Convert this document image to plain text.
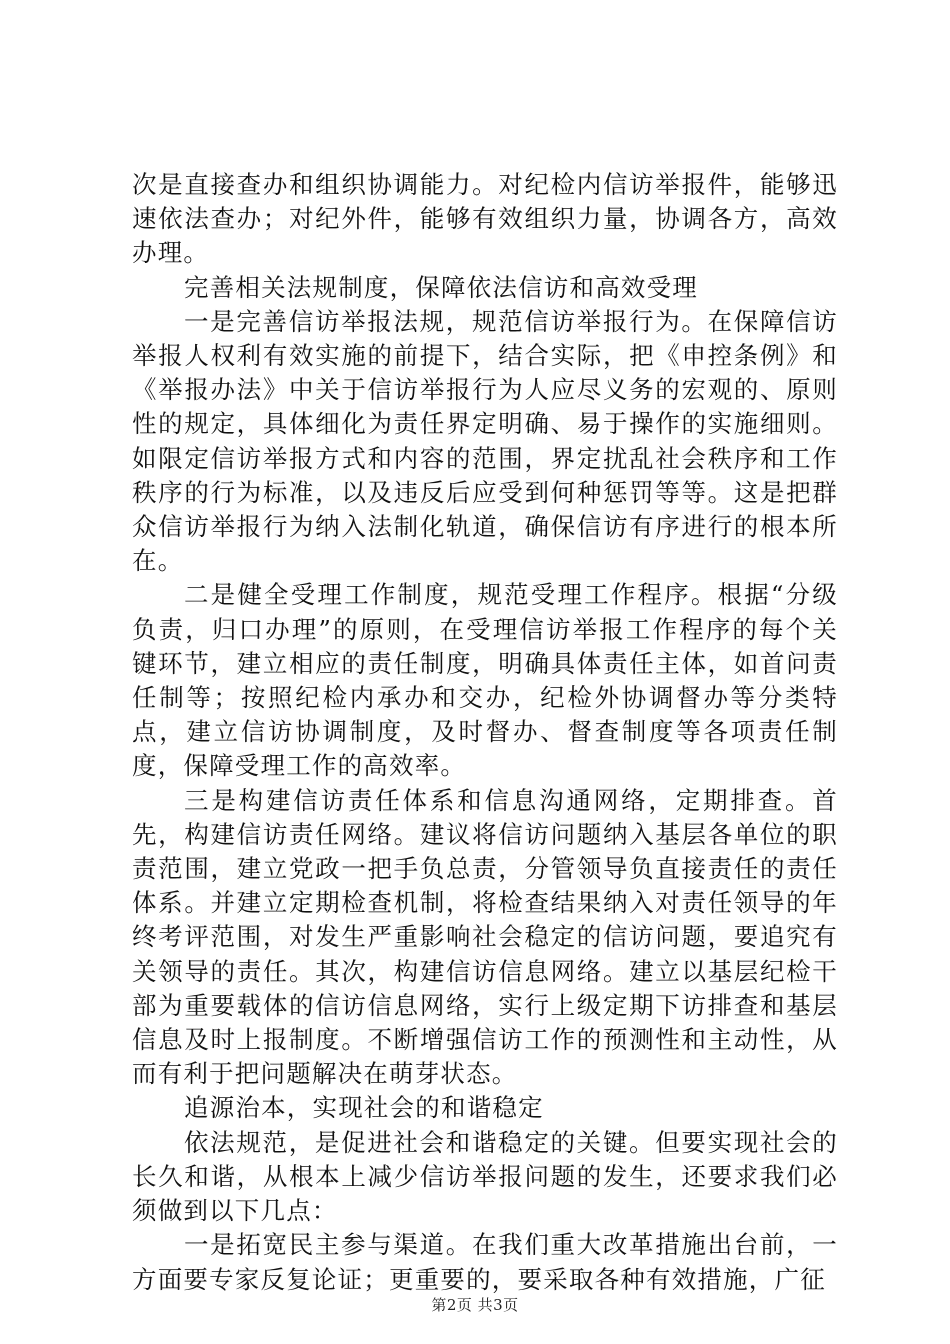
次是直接查办和组织协调能力。对纪检内信访举报件，能够迅速依法查办；对纪外件，能够有效组织力量，协调各方，高效办理。

完善相关法规制度，保障依法信访和高效受理

一是完善信访举报法规，规范信访举报行为。在保障信访举报人权利有效实施的前提下，结合实际，把《申控条例》和《举报办法》中关于信访举报行为人应尽义务的宏观的、原则性的规定，具体细化为责任界定明确、易于操作的实施细则。如限定信访举报方式和内容的范围，界定扰乱社会秩序和工作秩序的行为标准，以及违反后应受到何种惩罚等等。这是把群众信访举报行为纳入法制化轨道，确保信访有序进行的根本所在。

二是健全受理工作制度，规范受理工作程序。根据“分级负责，归口办理”的原则，在受理信访举报工作程序的每个关键环节，建立相应的责任制度，明确具体责任主体，如首问责任制等；按照纪检内承办和交办，纪检外协调督办等分类特点，建立信访协调制度，及时督办、督查制度等各项责任制度，保障受理工作的高效率。

三是构建信访责任体系和信息沟通网络，定期排查。首先，构建信访责任网络。建议将信访问题纳入基层各单位的职责范围，建立党政一把手负总责，分管领导负直接责任的责任体系。并建立定期检查机制，将检查结果纳入对责任领导的年终考评范围，对发生严重影响社会稳定的信访问题，要追究有关领导的责任。其次，构建信访信息网络。建立以基层纪检干部为重要载体的信访信息网络，实行上级定期下访排查和基层信息及时上报制度。不断增强信访工作的预测性和主动性，从而有利于把问题解决在萌芽状态。

追源治本，实现社会的和谐稳定

依法规范，是促进社会和谐稳定的关键。但要实现社会的长久和谐，从根本上减少信访举报问题的发生，还要求我们必须做到以下几点：

一是拓宽民主参与渠道。在我们重大改革措施出台前，一方面要专家反复论证；更重要的，要采取各种有效措施，广征

第2页 共3页
